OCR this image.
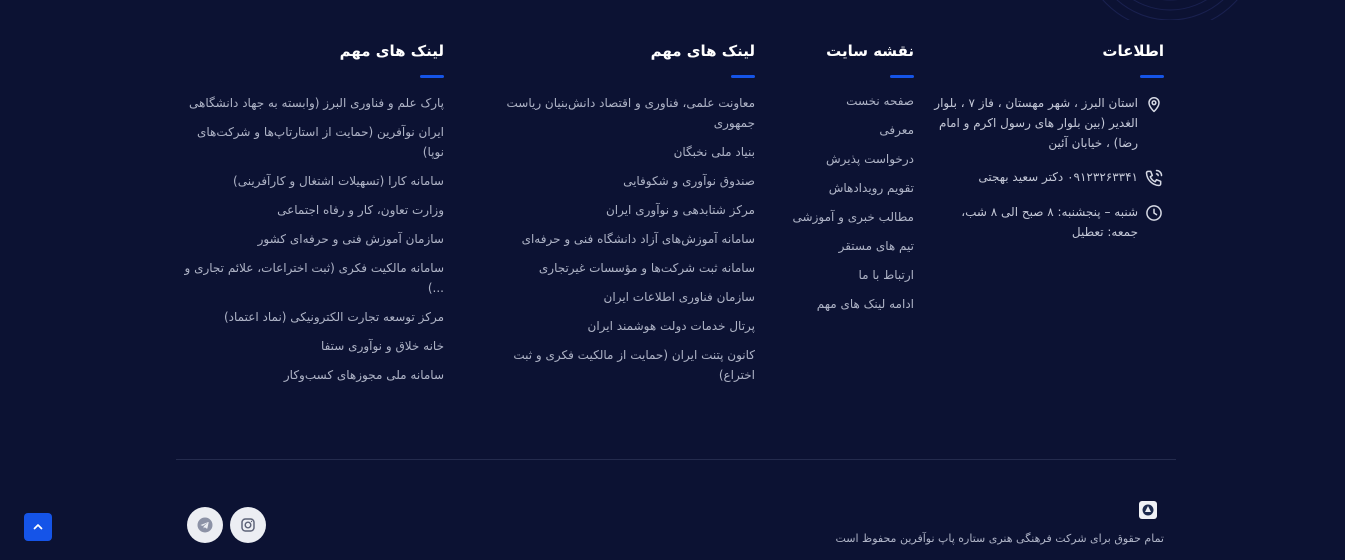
اطلاعات
استان البرز ، شهر مهستان ، فاز ۷ ، بلوار الغدیر (بین بلوار های رسول اکرم و امام رضا) ، خیابان آئین
۰۹۱۲۳۲۶۳۳۴۱ دکتر سعید بهجتی
شنبه – پنجشنبه: ۸ صبح الی ۸ شب، جمعه: تعطیل
نقشه سایت
صفحه نخست
معرفی
درخواست پذیرش
تقویم رویدادهاش
مطالب خبری و آموزشی
تیم های مستقر
ارتباط با ما
ادامه لینک های مهم
لینک های مهم
معاونت علمی، فناوری و اقتصاد دانش‌بنیان ریاست جمهوری
بنیاد ملی نخبگان
صندوق نوآوری و شکوفایی
مرکز شتابدهی و نوآوری ایران
سامانه آموزش‌های آزاد دانشگاه فنی و حرفه‌ای
سامانه ثبت شرکت‌ها و مؤسسات غیرتجاری
سازمان فناوری اطلاعات ایران
پرتال خدمات دولت هوشمند ایران
کانون پتنت ایران (حمایت از مالکیت فکری و ثبت اختراع)
لینک های مهم
پارک علم و فناوری البرز (وابسته به جهاد دانشگاهی
ایران نوآفرین (حمایت از استارتاپ‌ها و شرکت‌های نوپا)
سامانه کارا (تسهیلات اشتغال و کارآفرینی)
وزارت تعاون، کار و رفاه اجتماعی
سازمان آموزش فنی و حرفه‌ای کشور
سامانه مالکیت فکری (ثبت اختراعات، علائم تجاری و ...)
مرکز توسعه تجارت الکترونیکی (نماد اعتماد)
خانه خلاق و نوآوری ستفا
سامانه ملی مجوزهای کسب‌وکار
تمام حقوق برای شرکت فرهنگی هنری ستاره پاپ نوآفرین محفوظ است
